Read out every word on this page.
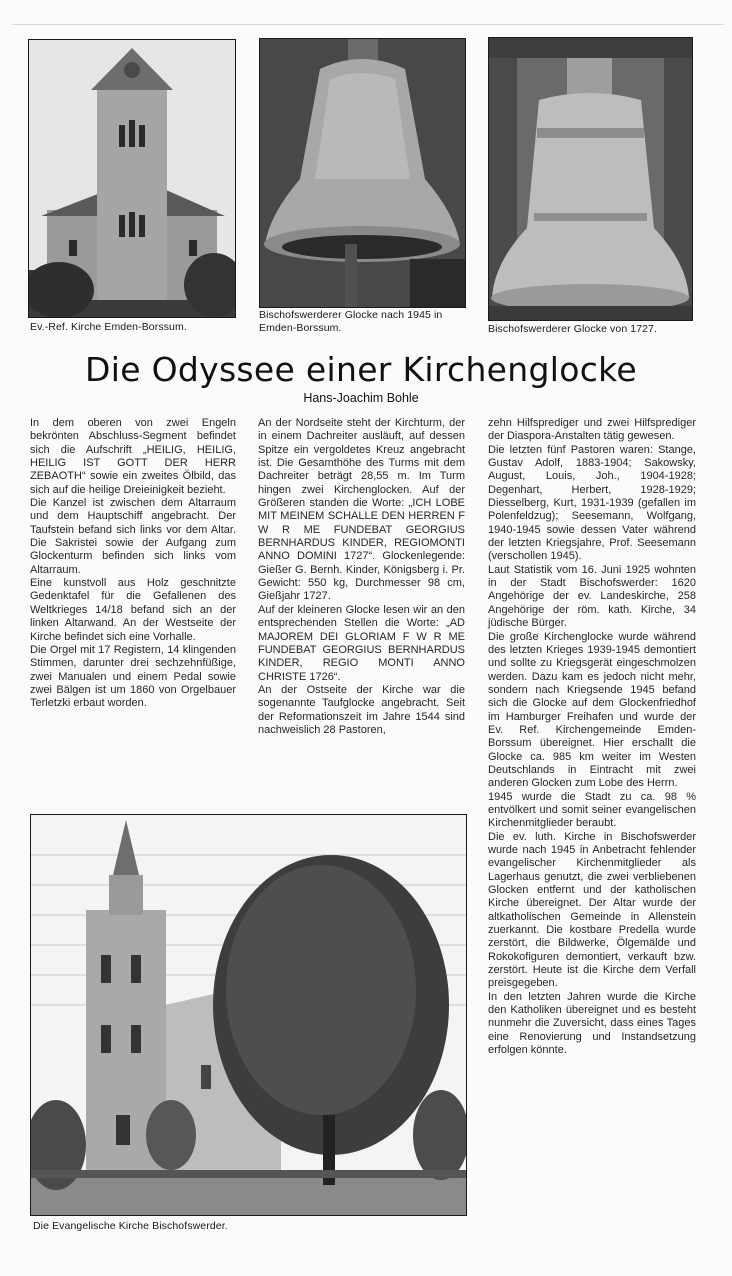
Ev.-Ref. Kirche Emden-Borssum.
Bischofswerderer Glocke nach 1945 in Emden-Borssum.	Bischofswerderer Glocke von 1727.
Die Odyssee einer Kirchenglocke
Hans-Joachim Bohle

In dem oberen von zwei Engeln bekrönten Abschluss-Segment befindet sich die Aufschrift „HEILIG, HEILIG, HEILIG IST GOTT DER HERR ZEBAOTH“ sowie ein zweites Ölbild, das sich auf die heilige Dreieinigkeit bezieht.

Die Kanzel ist zwischen dem Altarraum und dem Hauptschiff angebracht. Der Taufstein befand sich links vor dem Altar. Die Sakristei sowie der Aufgang zum Glockenturm befinden sich links vom Altarraum.

Eine kunstvoll aus Holz geschnitzte Gedenktafel für die Gefallenen des Weltkrieges 14/18 befand sich an der linken Altarwand. An der Westseite der Kirche befindet sich eine Vorhalle.

Die Orgel mit 17 Registern, 14 klingenden Stimmen, darunter drei sechzehnfüßige, zwei Manualen und einem Pedal sowie zwei Bälgen ist um 1860 von Orgelbauer Terletzki erbaut worden.

An der Nordseite steht der Kirchturm, der in einem Dachreiter ausläuft, auf dessen Spitze ein vergoldetes Kreuz angebracht ist. Die Gesamthöhe des Turms mit dem Dachreiter beträgt 28,55 m. Im Turm hingen zwei Kirchenglocken. Auf der Größeren standen die Worte: „ICH LOBE MIT MEINEM SCHALLE DEN HERREN F W R ME FUNDEBAT GEORGIUS BERNHARDUS KINDER, REGIOMONTI ANNO DOMINI 1727“. Glockenlegende: Gießer G. Bernh. Kinder, Königsberg i. Pr. Gewicht: 550 kg, Durchmesser 98 cm, Gießjahr 1727.

Auf der kleineren Glocke lesen wir an den entsprechenden Stellen die Worte: „AD MAJOREM DEI GLORIAM F W R ME FUNDEBAT GEORGIUS BERNHARDUS KINDER, REGIO MONTI ANNO CHRISTE 1726“.

An der Ostseite der Kirche war die sogenannte Taufglocke angebracht. Seit der Reformationszeit im Jahre 1544 sind nachweislich 28 Pastoren,

zehn Hilfsprediger und zwei Hilfsprediger der Diaspora-Anstalten tätig gewesen.

Die letzten fünf Pastoren waren: Stange, Gustav Adolf, 1883-1904; Sakowsky, August, Louis, Joh., 1904-1928; Degenhart, Herbert, 1928-1929; Diesselberg, Kurt, 1931-1939 (gefallen im Polenfeldzug); Seesemann, Wolfgang, 1940-1945 sowie dessen Vater während der letzten Kriegsjahre, Prof. Seesemann (verschollen 1945).

Laut Statistik vom 16. Juni 1925 wohnten in der Stadt Bischofswerder: 1620 Angehörige der ev. Landeskirche, 258 Angehörige der röm. kath. Kirche, 34 jüdische Bürger.

Die große Kirchenglocke wurde während des letzten Krieges 1939-1945 demontiert und sollte zu Kriegsgerät eingeschmolzen werden. Dazu kam es jedoch nicht mehr, sondern nach Kriegsende 1945 befand sich die Glocke auf dem Glockenfriedhof im Hamburger Freihafen und wurde der Ev. Ref. Kirchengemeinde Emden-Borssum übereignet. Hier erschallt die Glocke ca. 985 km weiter im Westen Deutschlands in Eintracht mit zwei anderen Glocken zum Lobe des Herrn.

1945 wurde die Stadt zu ca. 98 % entvölkert und somit seiner evangelischen Kirchenmitglieder beraubt.

Die ev. luth. Kirche in Bischofswerder wurde nach 1945 in Anbetracht fehlender evangelischer Kirchenmitglieder als Lagerhaus genutzt, die zwei verbliebenen Glocken entfernt und der katholischen Kirche übereignet. Der Altar wurde der altkatholischen Gemeinde in Allenstein zuerkannt. Die kostbare Predella wurde zerstört, die Bildwerke, Ölgemälde und Rokokofiguren demontiert, verkauft bzw. zerstört. Heute ist die Kirche dem Verfall preisgegeben.

In den letzten Jahren wurde die Kirche den Katholiken übereignet und es besteht nunmehr die Zuversicht, dass eines Tages eine Renovierung und Instandsetzung erfolgen könnte.

Die Evangelische Kirche Bischofswerder.
